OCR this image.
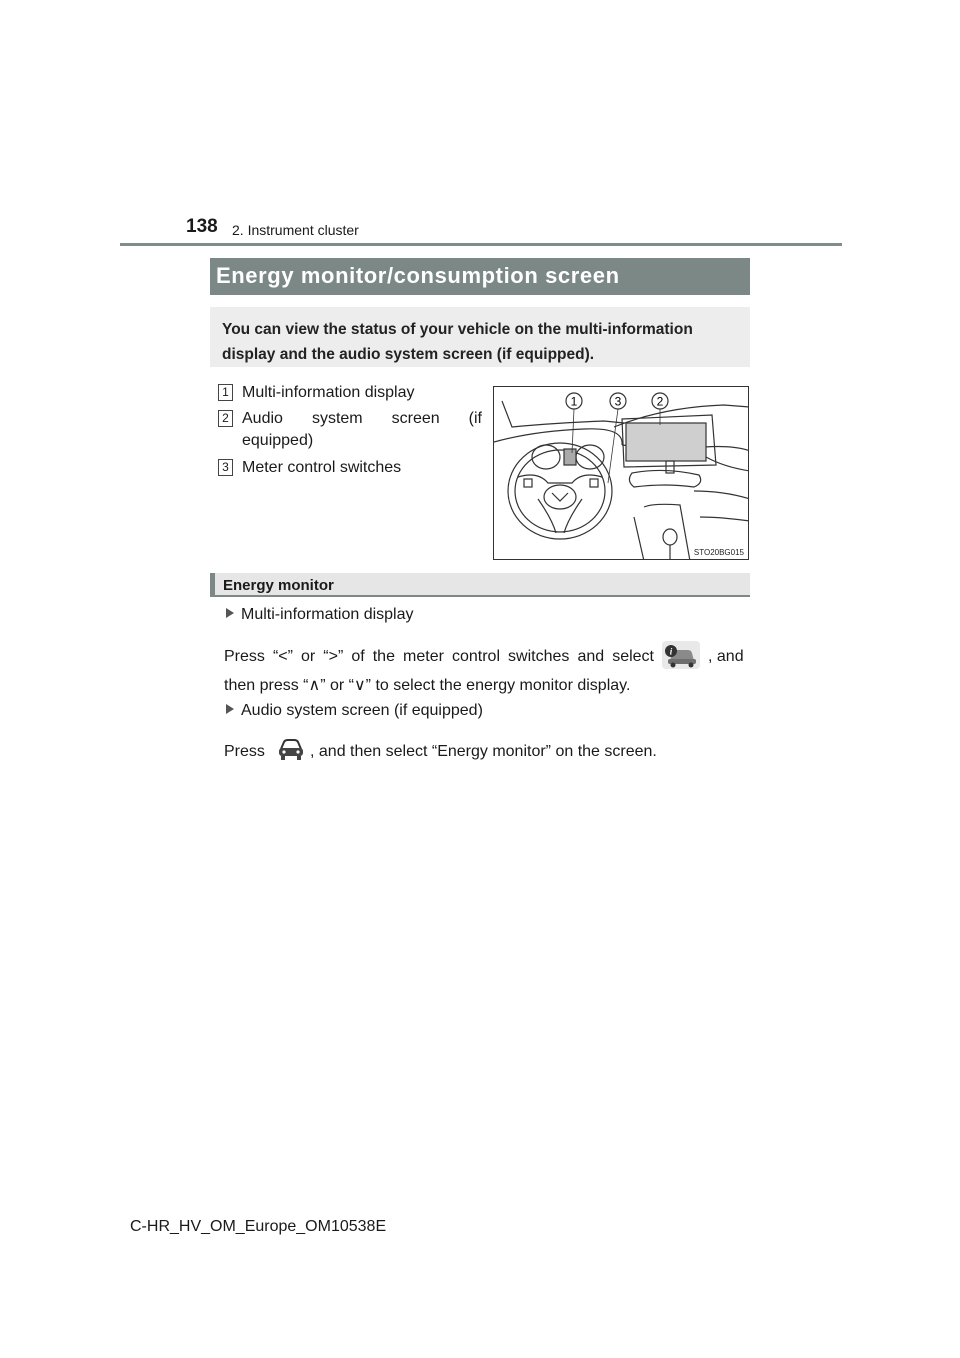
138 2. Instrument cluster
Energy monitor/consumption screen
You can view the status of your vehicle on the multi-information display and the audio system screen (if equipped).
1 Multi-information display
2 Audio system screen (if equipped)
3 Meter control switches
1	3	2
STO20BG015
Energy monitor
Multi-information display
Press “<” or “>” of the meter control switches and select i , and
then press “∧” or “∨” to select the energy monitor display.
Audio system screen (if equipped)
Press	, and then select “Energy monitor” on the screen.
C-HR_HV_OM_Europe_OM10538E
